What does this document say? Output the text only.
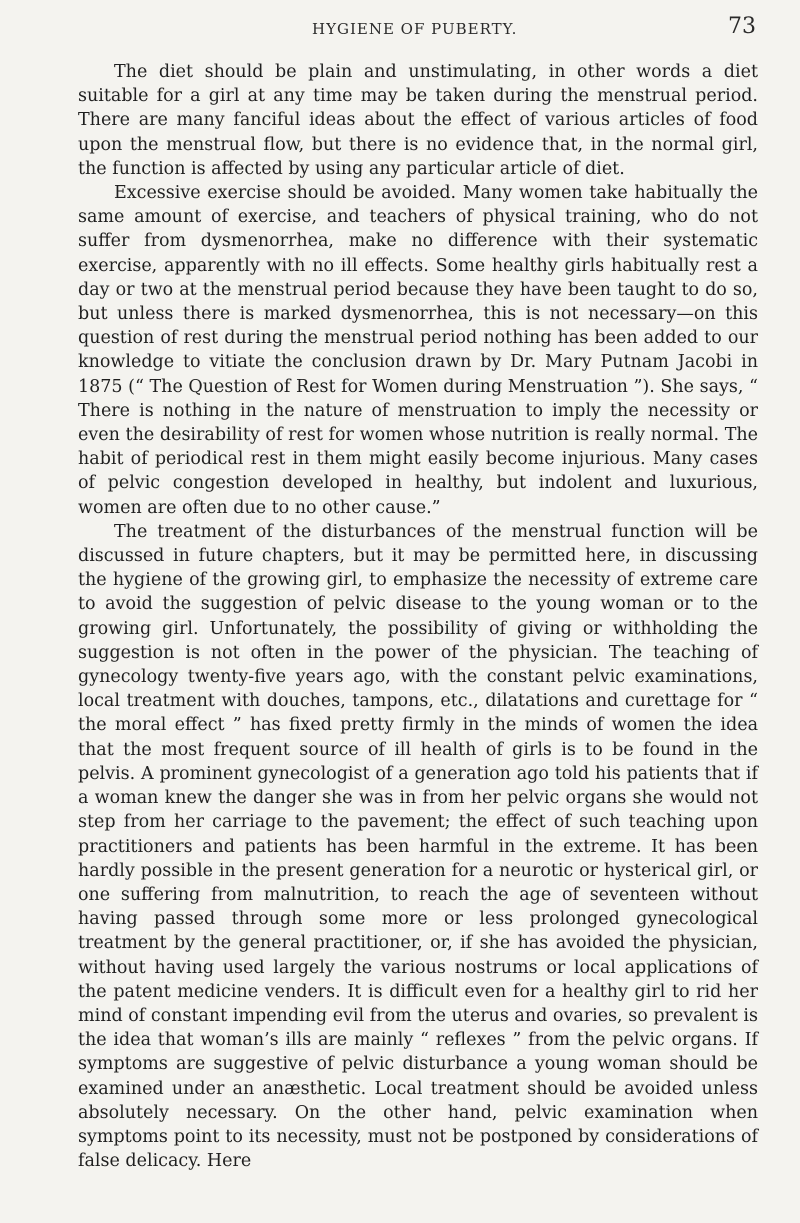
HYGIENE OF PUBERTY.	73

The diet should be plain and unstimulating, in other words a diet suitable for a girl at any time may be taken during the menstrual period. There are many fanciful ideas about the effect of various articles of food upon the menstrual flow, but there is no evidence that, in the normal girl, the function is affected by using any particular article of diet.

Excessive exercise should be avoided. Many women take habitually the same amount of exercise, and teachers of physical training, who do not suffer from dysmenorrhea, make no difference with their systematic exercise, apparently with no ill effects. Some healthy girls habitually rest a day or two at the menstrual period because they have been taught to do so, but unless there is marked dysmenorrhea, this is not necessary—on this question of rest during the menstrual period nothing has been added to our knowledge to vitiate the conclusion drawn by Dr. Mary Putnam Jacobi in 1875 (“ The Question of Rest for Women during Menstruation ”). She says, “ There is nothing in the nature of menstruation to imply the necessity or even the desirability of rest for women whose nutrition is really normal. The habit of periodical rest in them might easily become injurious. Many cases of pelvic congestion developed in healthy, but indolent and luxurious, women are often due to no other cause.”

The treatment of the disturbances of the menstrual function will be discussed in future chapters, but it may be permitted here, in discussing the hygiene of the growing girl, to emphasize the necessity of extreme care to avoid the suggestion of pelvic disease to the young woman or to the growing girl. Unfortunately, the possibility of giving or withholding the suggestion is not often in the power of the physician. The teaching of gynecology twenty-five years ago, with the constant pelvic examinations, local treatment with douches, tampons, etc., dilatations and curettage for “ the moral effect ” has fixed pretty firmly in the minds of women the idea that the most frequent source of ill health of girls is to be found in the pelvis. A prominent gynecologist of a generation ago told his patients that if a woman knew the danger she was in from her pelvic organs she would not step from her carriage to the pavement; the effect of such teaching upon practitioners and patients has been harmful in the extreme. It has been hardly possible in the present generation for a neurotic or hysterical girl, or one suffering from malnutrition, to reach the age of seventeen without having passed through some more or less prolonged gynecological treatment by the general practitioner, or, if she has avoided the physician, without having used largely the various nostrums or local applications of the patent medicine venders. It is difficult even for a healthy girl to rid her mind of constant impending evil from the uterus and ovaries, so prevalent is the idea that woman’s ills are mainly “ reflexes ” from the pelvic organs. If symptoms are suggestive of pelvic disturbance a young woman should be examined under an anæsthetic. Local treatment should be avoided unless absolutely necessary. On the other hand, pelvic examination when symptoms point to its necessity, must not be postponed by considerations of false delicacy. Here
